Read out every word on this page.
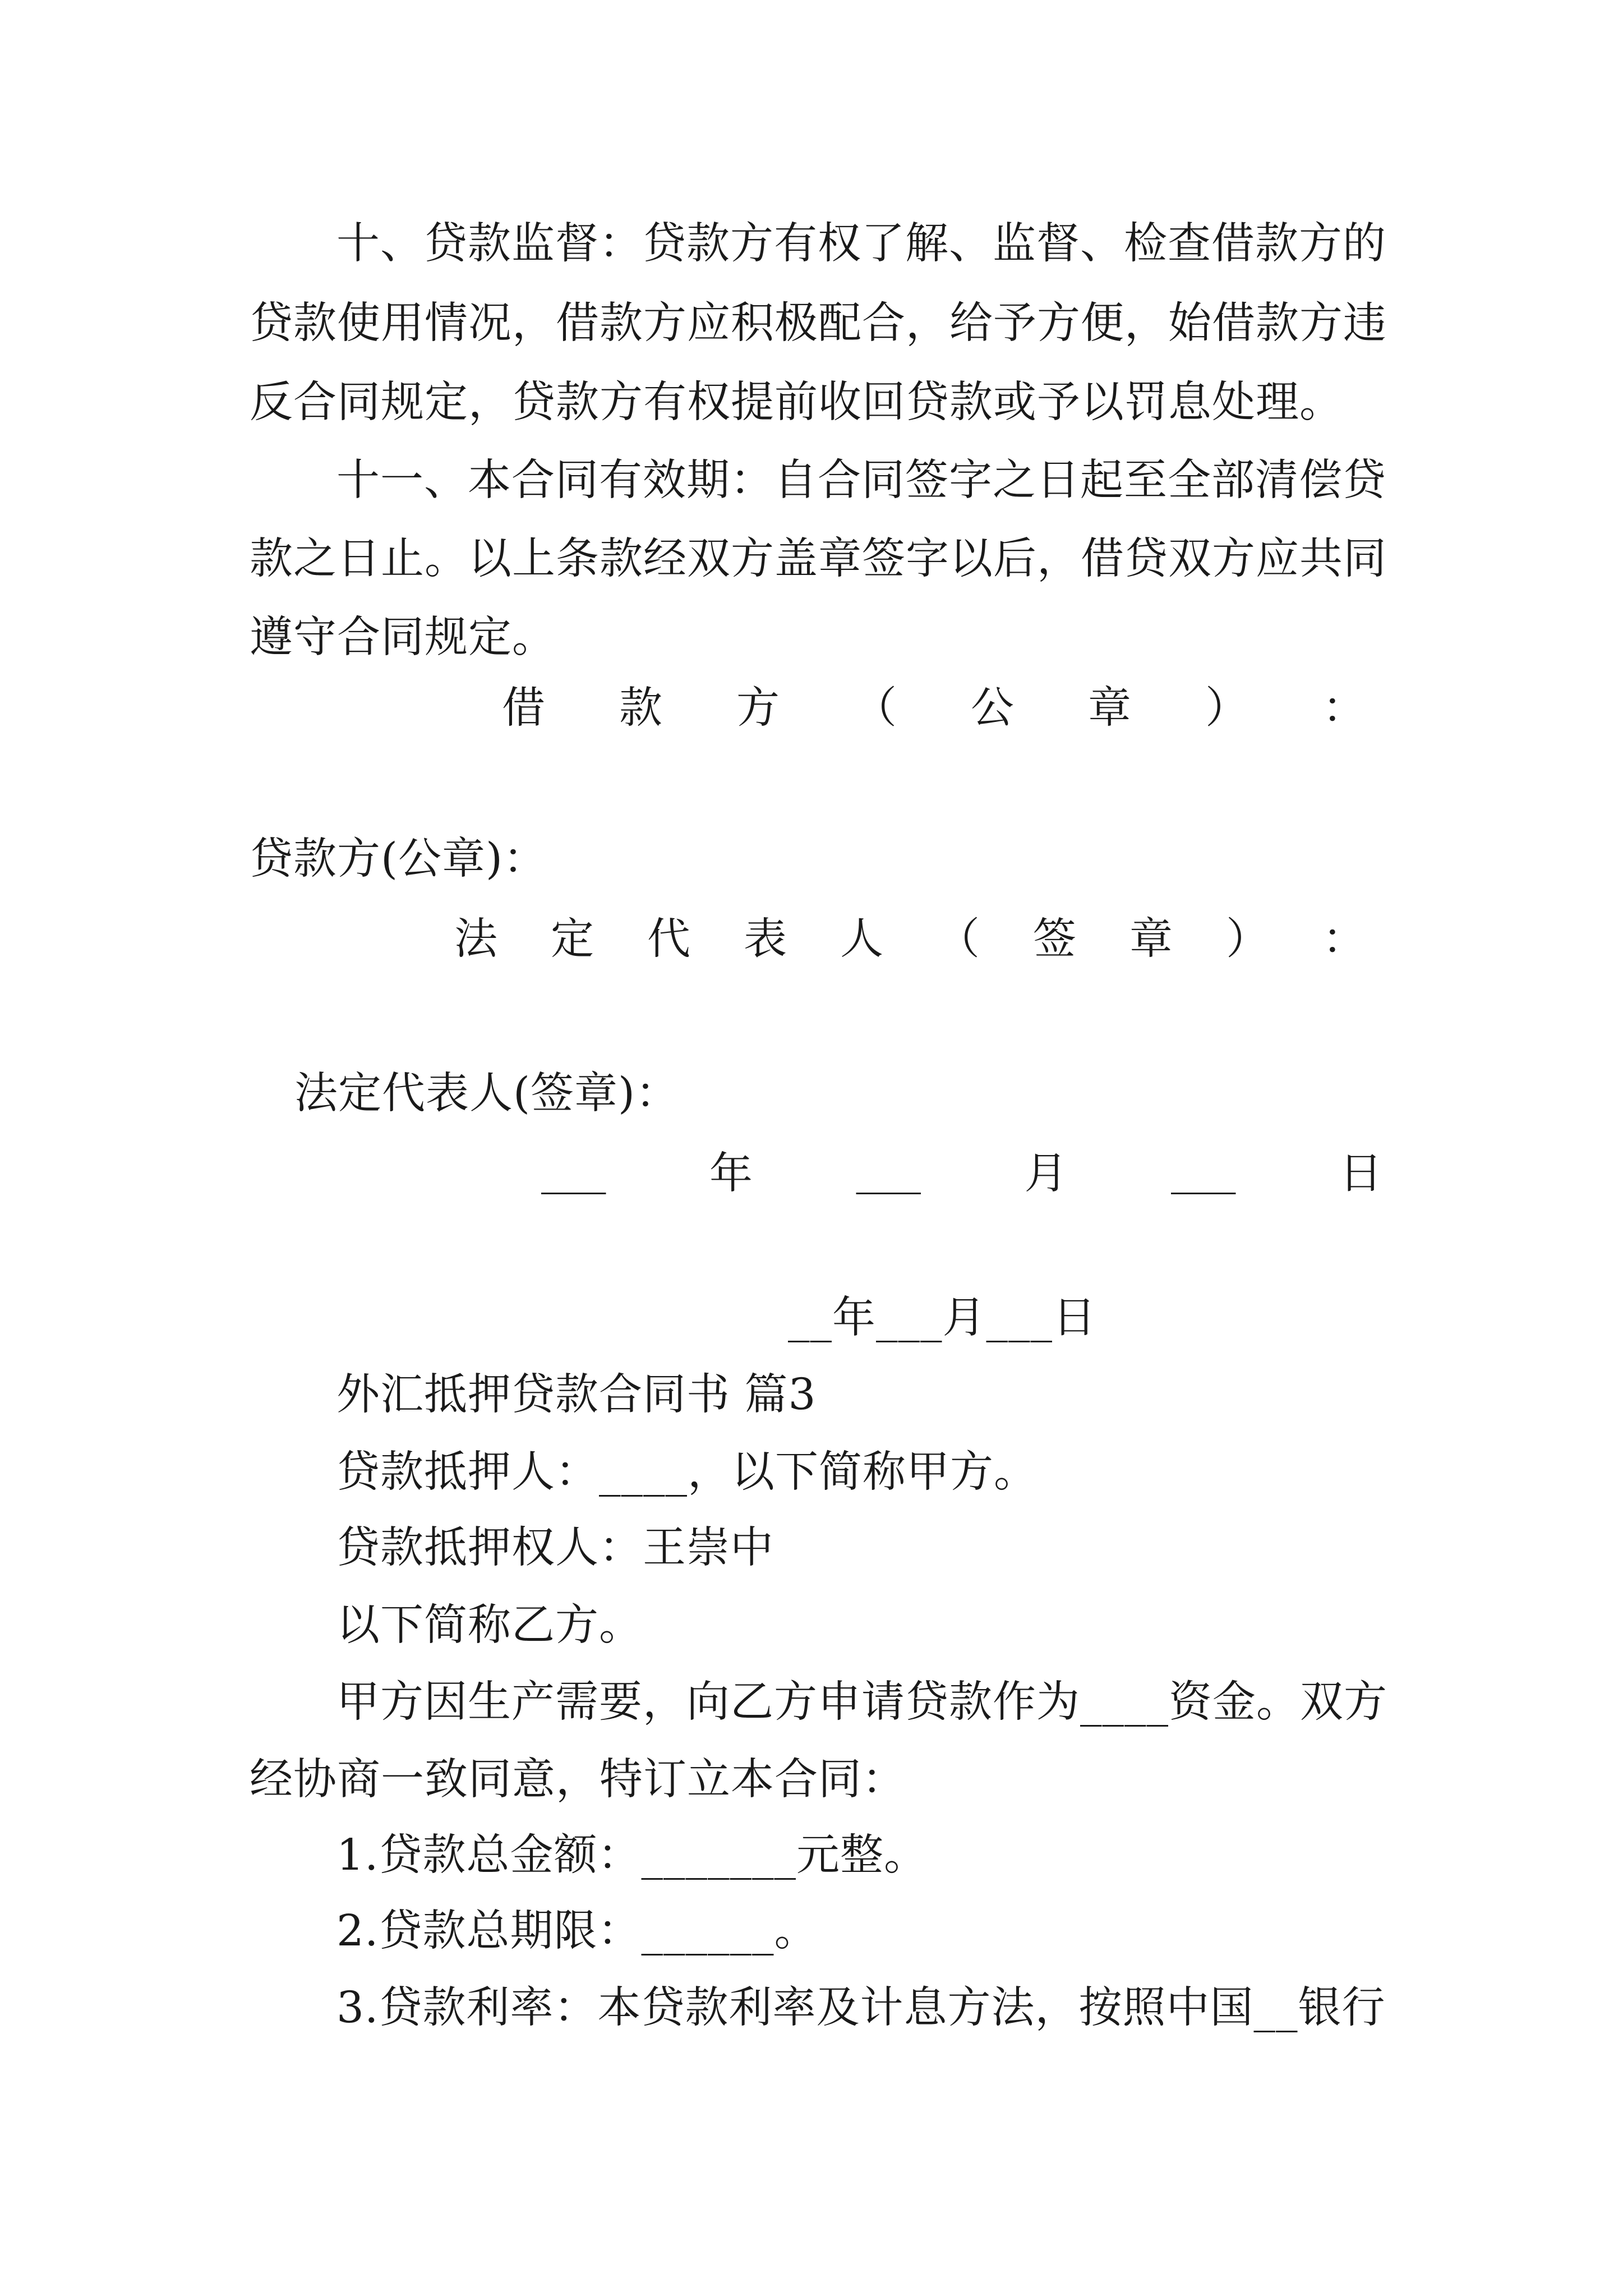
十、贷款监督：贷款方有权了解、监督、检查借款方的
贷款使用情况，借款方应积极配合，给予方便，始借款方违
反合同规定，贷款方有权提前收回贷款或予以罚息处理。
十一、本合同有效期：自合同签字之日起至全部清偿贷
款之日止。以上条款经双方盖章签字以后，借贷双方应共同
遵守合同规定。
借 款 方 （ 公 章 ） ：
贷款方(公章)：
法 定 代 表 人 （ 签 章 ） ：
法定代表人(签章)：
___ 年 ___ 月 ___ 日
__年___月___日
外汇抵押贷款合同书 篇3
贷款抵押人：____，以下简称甲方。
贷款抵押权人：王崇中
以下简称乙方。
甲方因生产需要，向乙方申请贷款作为____资金。双方
经协商一致同意，特订立本合同：
1.贷款总金额：_______元整。
2.贷款总期限：______。
3.贷款利率：本贷款利率及计息方法，按照中国__银行
